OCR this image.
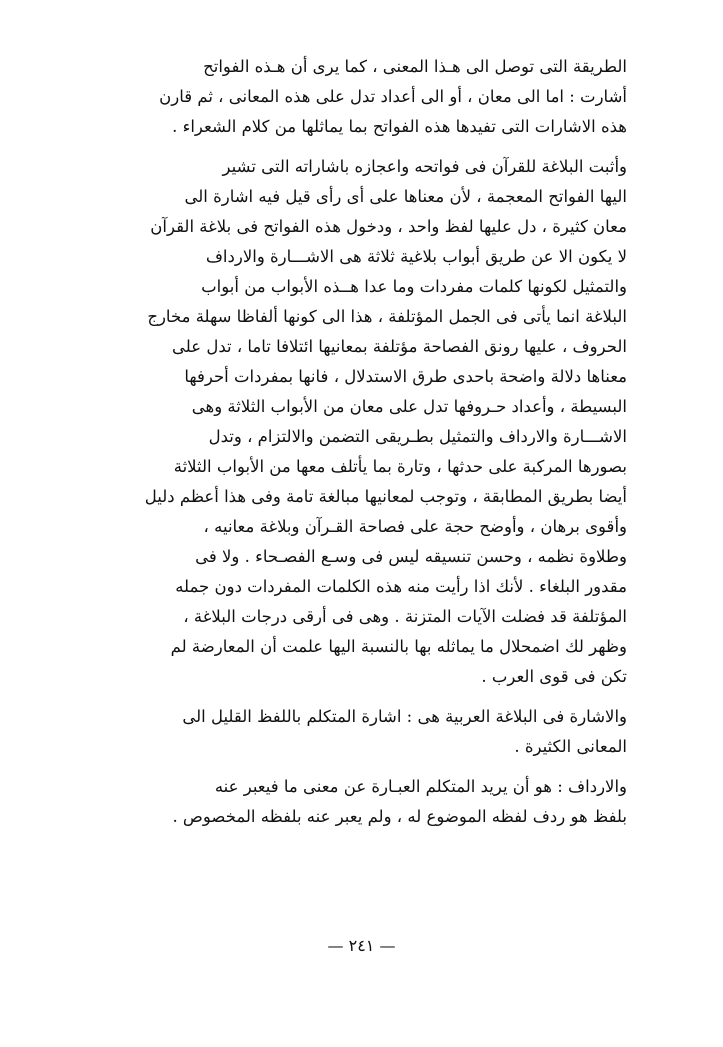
الطريقة التى توصل الى هـذا المعنى ، كما يرى أن هـذه الفواتح
أشارت : اما الى معان ، أو الى أعداد تدل على هذه المعانى ، ثم قارن
هذه الاشارات التى تفيدها هذه الفواتح بما يماثلها من كلام الشعراء .

وأثبت البلاغة للقرآن فى فواتحه واعجازه باشاراته التى تشير
اليها الفواتح المعجمة ، لأن معناها على أى رأى قيل فيه اشارة الى
معان كثيرة ، دل عليها لفظ واحد ، ودخول هذه الفواتح فى بلاغة القرآن
لا يكون الا عن طريق أبواب بلاغية ثلاثة هى الاشـــارة والارداف
والتمثيل لكونها كلمات مفردات وما عدا هــذه الأبواب من أبواب
البلاغة انما يأتى فى الجمل المؤتلفة ، هذا الى كونها ألفاظا سهلة مخارج
الحروف ، عليها رونق الفصاحة مؤتلفة بمعانيها ائتلافا تاما ، تدل على
معناها دلالة واضحة باحدى طرق الاستدلال ، فانها بمفردات أحرفها
البسيطة ، وأعداد حـروفها تدل على معان من الأبواب الثلاثة وهى
الاشـــارة والارداف والتمثيل بطـريقى التضمن والالتزام ، وتدل
بصورها المركبة على حدثها ، وتارة بما يأتلف معها من الأبواب الثلاثة
أيضا بطريق المطابقة ، وتوجب لمعانيها مبالغة تامة وفى هذا أعظم دليل
وأقوى برهان ، وأوضح حجة على فصاحة القـرآن وبلاغة معانيه ،
وطلاوة نظمه ، وحسن تنسيقه ليس فى وسـع الفصـحاء . ولا فى
مقدور البلغاء . لأنك اذا رأيت منه هذه الكلمات المفردات دون جمله
المؤتلفة قد فضلت الآيات المتزنة . وهى فى أرقى درجات البلاغة ،
وظهر لك اضمحلال ما يماثله بها بالنسبة اليها علمت أن المعارضة لم
تكن فى قوى العرب .

والاشارة فى البلاغة العربية هى : اشارة المتكلم باللفظ القليل الى
المعانى الكثيرة .

والارداف : هو أن يريد المتكلم العبـارة عن معنى ما فيعبر عنه
بلفظ هو ردف لفظه الموضوع له ، ولم يعبر عنه بلفظه المخصوص .

— ٢٤١ —
